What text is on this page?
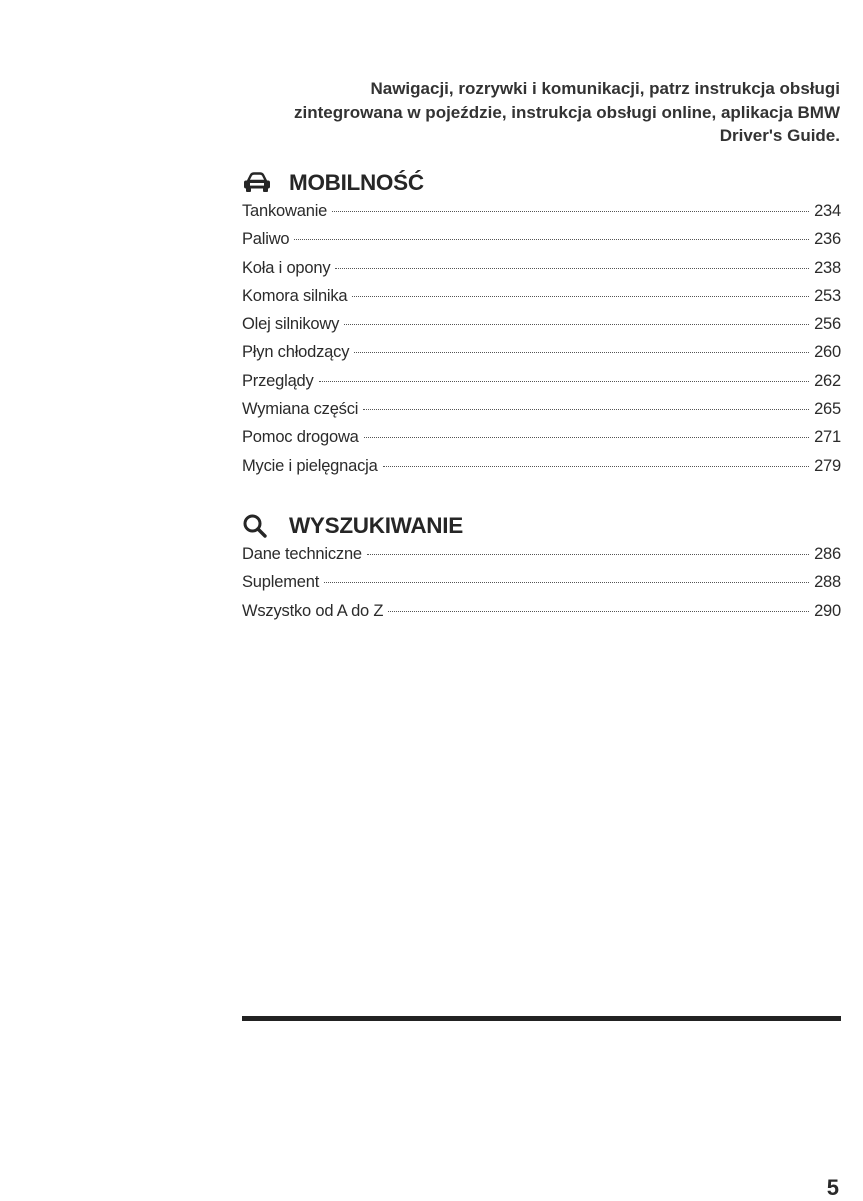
Nawigacji, rozrywki i komunikacji, patrz instrukcja obsługi
zintegrowana w pojeździe, instrukcja obsługi online, aplikacja BMW
Driver's Guide.
MOBILNOŚĆ
Tankowanie	234
Paliwo	236
Koła i opony	238
Komora silnika	253
Olej silnikowy	256
Płyn chłodzący	260
Przeglądy	262
Wymiana części	265
Pomoc drogowa	271
Mycie i pielęgnacja	279
WYSZUKIWANIE
Dane techniczne	286
Suplement	288
Wszystko od A do Z	290
5
